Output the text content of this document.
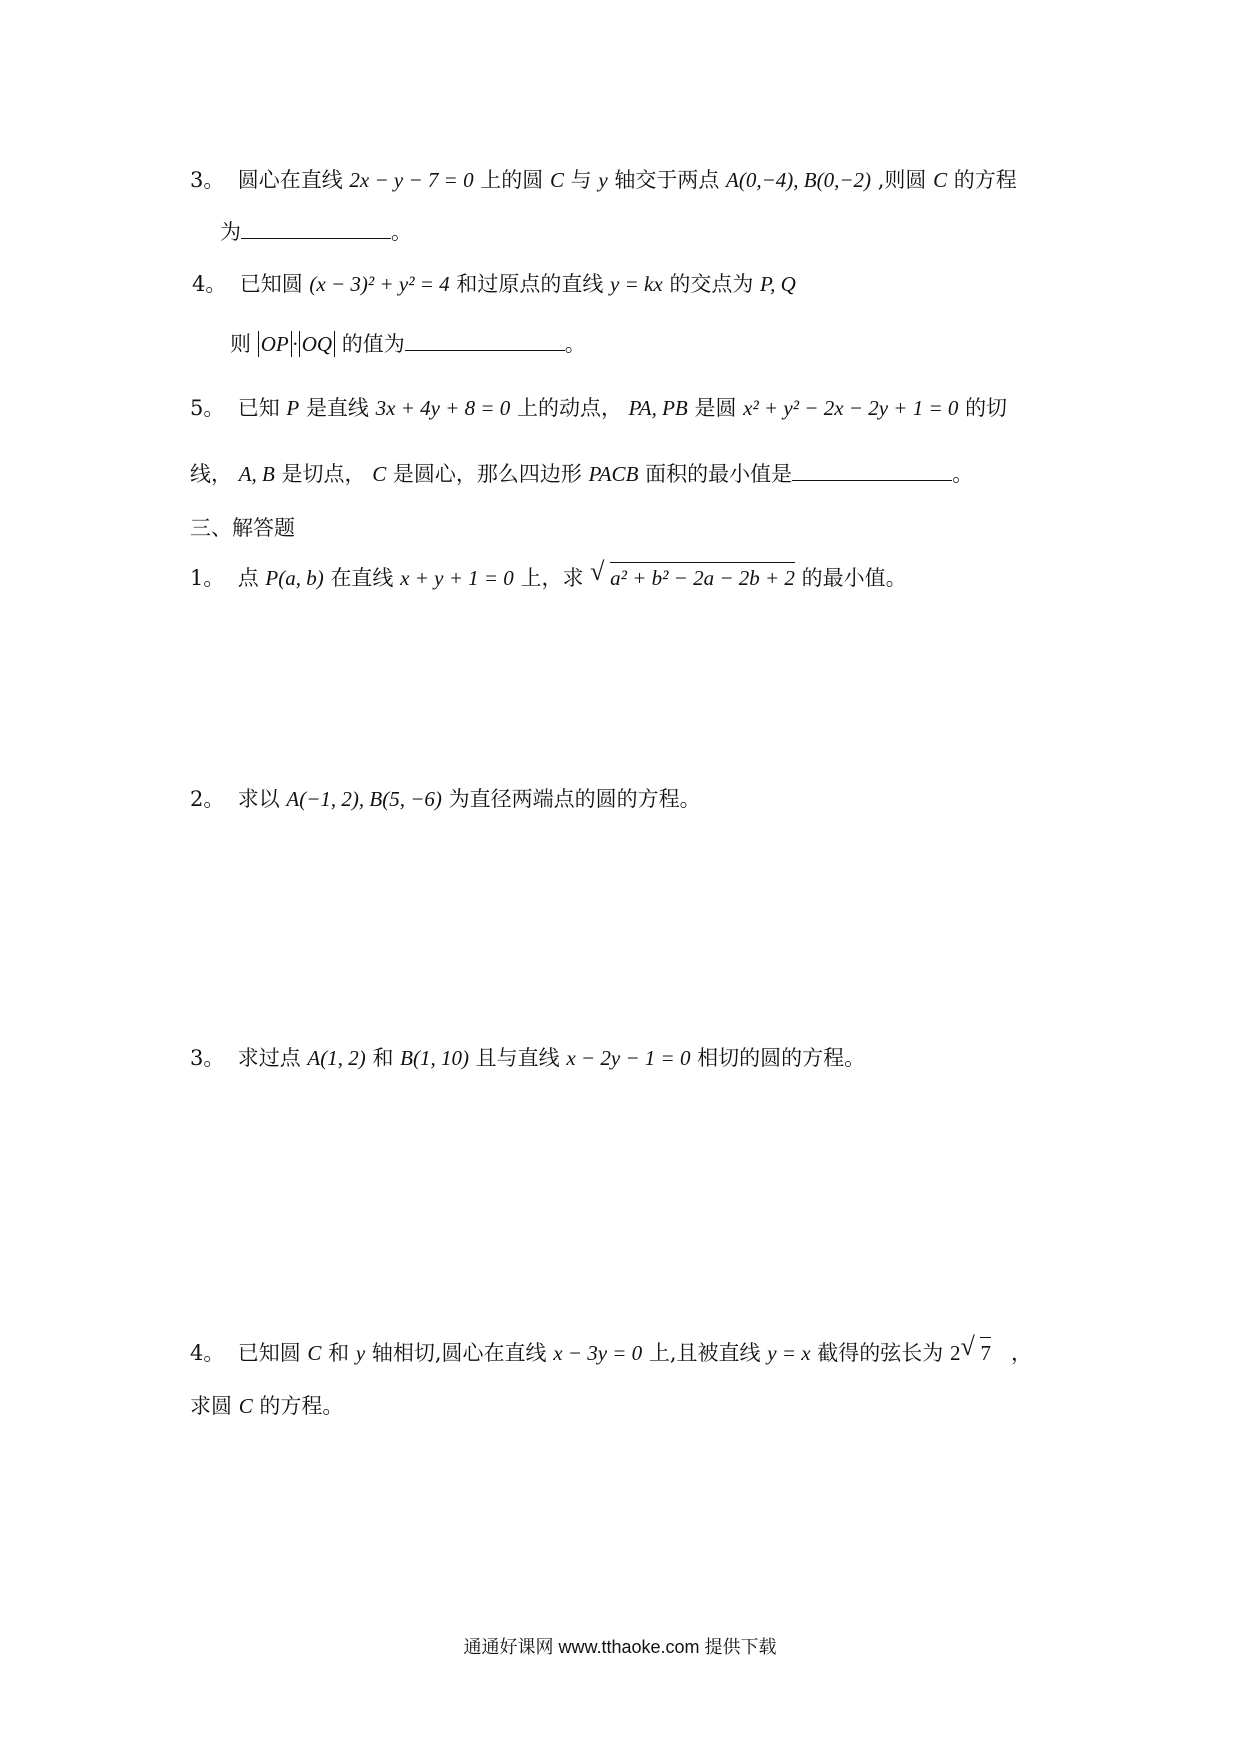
3。 圆心在直线 2x − y − 7 = 0 上的圆 C 与 y 轴交于两点 A(0,−4), B(0,−2) ,则圆 C 的方程
为	。
4。 已知圆 (x − 3)² + y² = 4 和过原点的直线 y = kx 的交点为 P, Q
则 OP · OQ 的值为	。
5。 已知 P 是直线 3x + 4y + 8 = 0 上的动点， PA, PB 是圆 x² + y² − 2x − 2y + 1 = 0 的切
线， A, B 是切点， C 是圆心，那么四边形 PACB 面积的最小值是	。
三、解答题
1。 点 P(a, b) 在直线 x + y + 1 = 0 上，求 √ a² + b² − 2a − 2b + 2 的最小值。
2。 求以 A(−1, 2), B(5, −6) 为直径两端点的圆的方程。
3。 求过点 A(1, 2) 和 B(1, 10) 且与直线 x − 2y − 1 = 0 相切的圆的方程。
4。 已知圆 C 和 y 轴相切,圆心在直线 x − 3y = 0 上,且被直线 y = x 截得的弦长为 2 √ 7 ，
求圆 C 的方程。
通通好课网 www.tthaoke.com 提供下载
